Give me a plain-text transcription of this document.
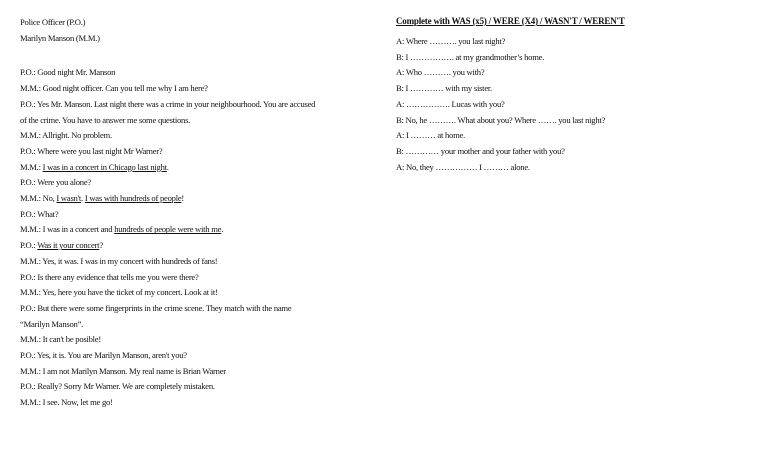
Police Officer (P.O.)
Marilyn Manson (M.M.)
P.O.: Good night Mr. Manson
M.M.: Good night officer. Can you tell me why I am here?
P.O.: Yes Mr. Manson. Last night there was a crime in your neighbourhood. You are accused
of the crime. You have to answer me some questions.
M.M.: Allright. No problem.
P.O.: Where were you last night Mr Warner?
M.M.: I was in a concert in Chicago last night.
P.O.: Were you alone?
M.M.: No, I wasn't. I was with hundreds of people!
P.O.: What?
M.M.: I was in a concert and hundreds of people were with me.
P.O.: Was it your concert?
M.M.: Yes, it was. I was in my concert with hundreds of fans!
P.O.: Is there any evidence that tells me you were there?
M.M.: Yes, here you have the ticket of my concert. Look at it!
P.O.: But there were some fingerprints in the crime scene. They match with the name
“Marilyn Manson”.
M.M.: It can't be posible!
P.O.: Yes, it is. You are Marilyn Manson, aren't you?
M.M.: I am not Marilyn Manson. My real name is Brian Warner
P.O.: Really? Sorry Mr Warner. We are completely mistaken.
M.M.: I see. Now, let me go!
Complete with WAS (x5) / WERE (X4) / WASN'T / WEREN'T
A: Where ………. you last night?
B: I ……………. at my grandmother’s home.
A: Who ………. you with?
B: I ………… with my sister.
A: ……………. Lucas with you?
B: No, he ………. What about you? Where ……. you last night?
A: I ……… at home.
B: ………… your mother and your father with you?
A: No, they …………… I ……… alone.
